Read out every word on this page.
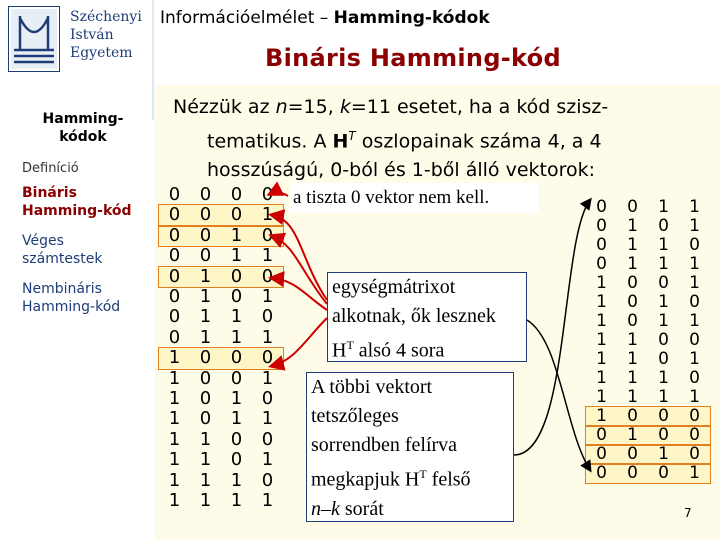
Széchenyi
István
Egyetem
Információelmélet – Hamming-kódok
Bináris Hamming-kód
Hamming-kódok
Definíció
Bináris Hamming-kód
Véges számtestek
Nembináris Hamming-kód
Nézzük az n=15, k=11 esetet, ha a kód szisz-
tematikus. A $H^T$ oszlopainak száma 4, a 4
hosszúságú, 0-ból és 1-ből álló vektorok:
0	0	0	0
0	0	0	1
0	0	1	0
0	0	1	1
0	1	0	0
0	1	0	1
0	1	1	0
0	1	1	1
1	0	0	0
1	0	0	1
1	0	1	0
1	0	1	1
1	1	0	0
1	1	0	1
1	1	1	0
1	1	1	1
0	0	1	1
0	1	0	1
0	1	1	0
0	1	1	1
1	0	0	1
1	0	1	0
1	0	1	1
1	1	0	0
1	1	0	1
1	1	1	0
1	1	1	1
1	0	0	0
0	1	0	0
0	0	1	0
0	0	0	1
a tiszta 0 vektor nem kell.
egységmátrixot
alkotnak, ők lesznek
$H^T$ alsó 4 sora
A többi vektort
tetszőleges
sorrendben felírva
megkapjuk $H^T$ felső
n–k sorát	7
